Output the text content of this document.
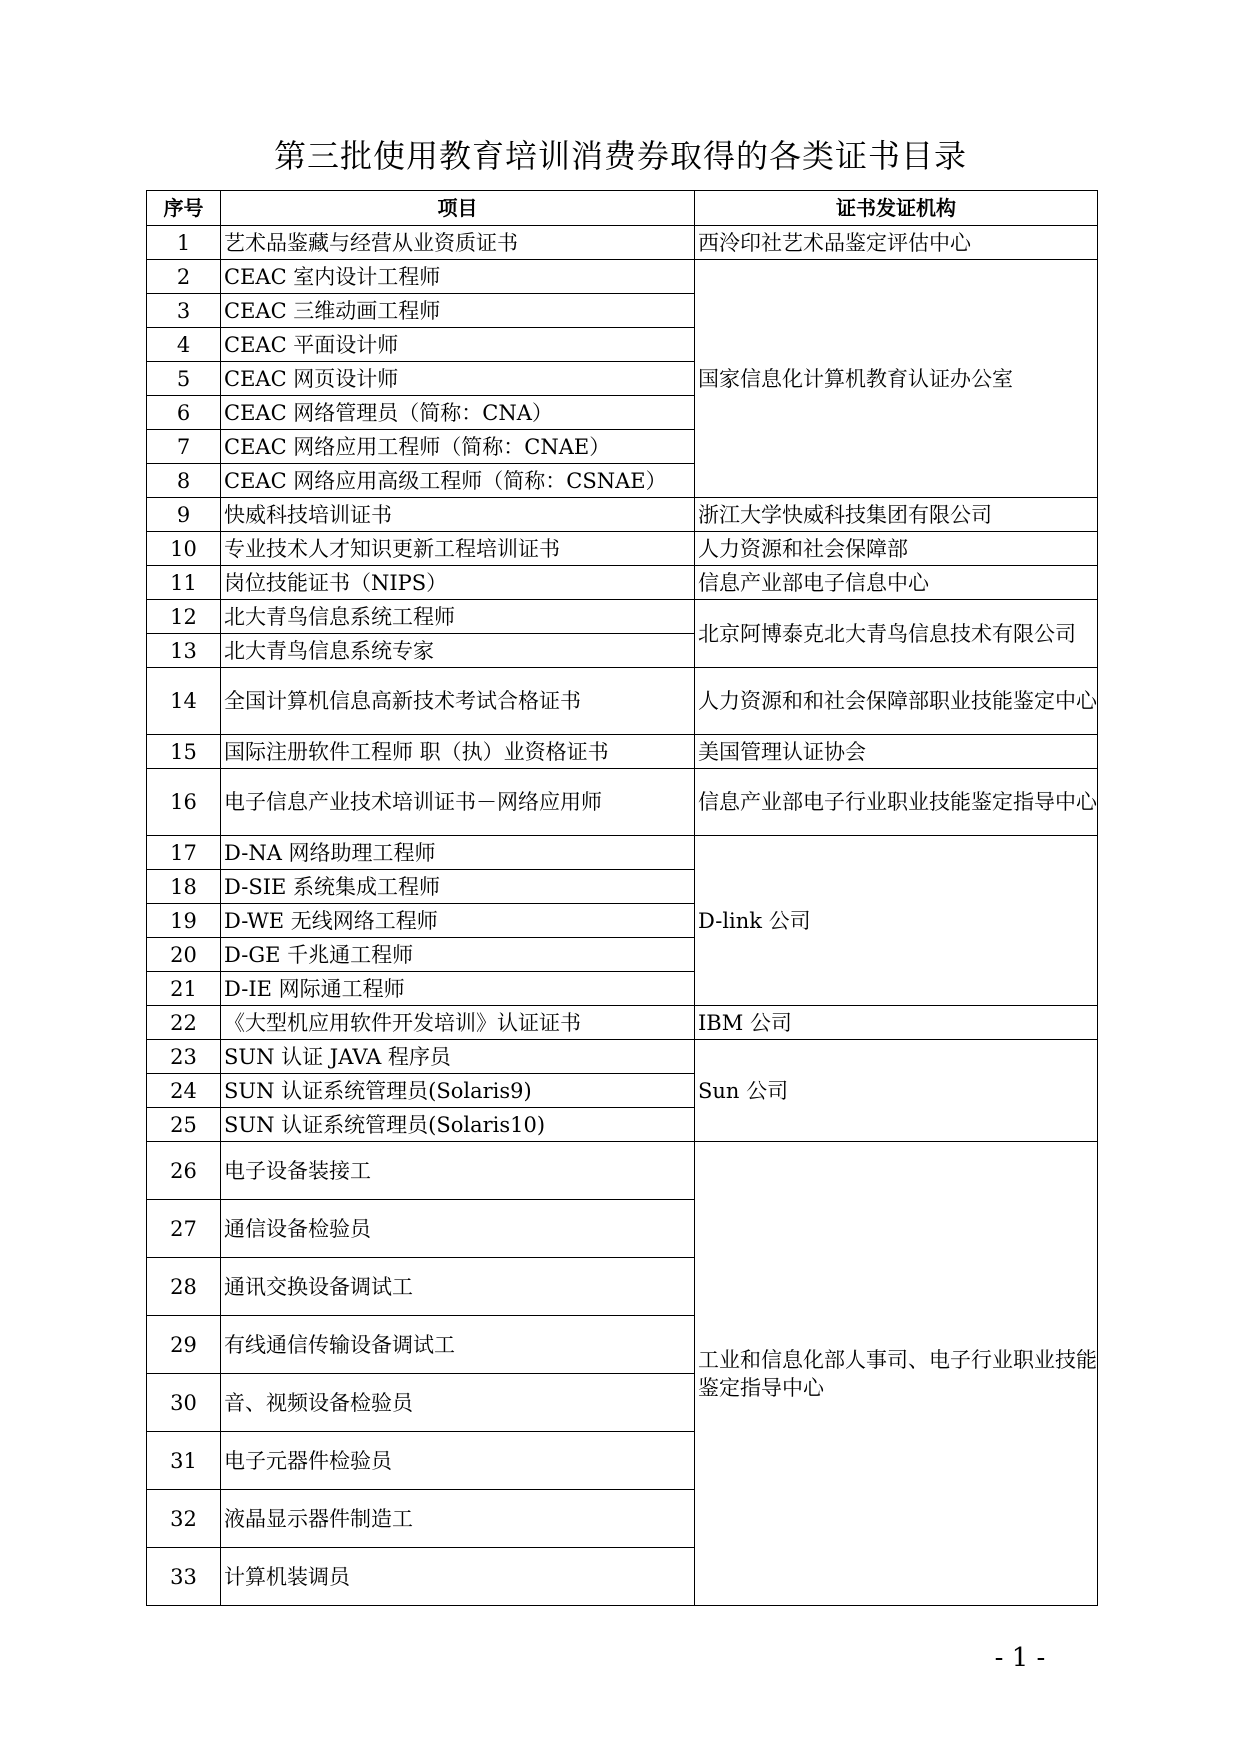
第三批使用教育培训消费券取得的各类证书目录
序号	项目	证书发证机构
1	艺术品鉴藏与经营从业资质证书	西泠印社艺术品鉴定评估中心
2	CEAC 室内设计工程师	国家信息化计算机教育认证办公室
3	CEAC 三维动画工程师	
4	CEAC 平面设计师	
5	CEAC 网页设计师	
6	CEAC 网络管理员（简称：CNA）	
7	CEAC 网络应用工程师（简称：CNAE）	
8	CEAC 网络应用高级工程师（简称：CSNAE）	
9	快威科技培训证书	浙江大学快威科技集团有限公司
10	专业技术人才知识更新工程培训证书	人力资源和社会保障部
11	岗位技能证书（NIPS）	信息产业部电子信息中心
12	北大青鸟信息系统工程师	北京阿博泰克北大青鸟信息技术有限公司
13	北大青鸟信息系统专家	
14	全国计算机信息高新技术考试合格证书	人力资源和和社会保障部职业技能鉴定中心
15	国际注册软件工程师 职（执）业资格证书	美国管理认证协会
16	电子信息产业技术培训证书－网络应用师	信息产业部电子行业职业技能鉴定指导中心
17	D-NA 网络助理工程师	D-link 公司
18	D-SIE 系统集成工程师	
19	D-WE 无线网络工程师	
20	D-GE 千兆通工程师	
21	D-IE 网际通工程师	
22	《大型机应用软件开发培训》认证证书	IBM 公司
23	SUN 认证 JAVA 程序员	Sun 公司
24	SUN 认证系统管理员(Solaris9)	
25	SUN 认证系统管理员(Solaris10)	
26	电子设备装接工	工业和信息化部人事司、电子行业职业技能鉴定指导中心
27	通信设备检验员	
28	通讯交换设备调试工	
29	有线通信传输设备调试工	
30	音、视频设备检验员	
31	电子元器件检验员	
32	液晶显示器件制造工	
33	计算机装调员	
- 1 -
